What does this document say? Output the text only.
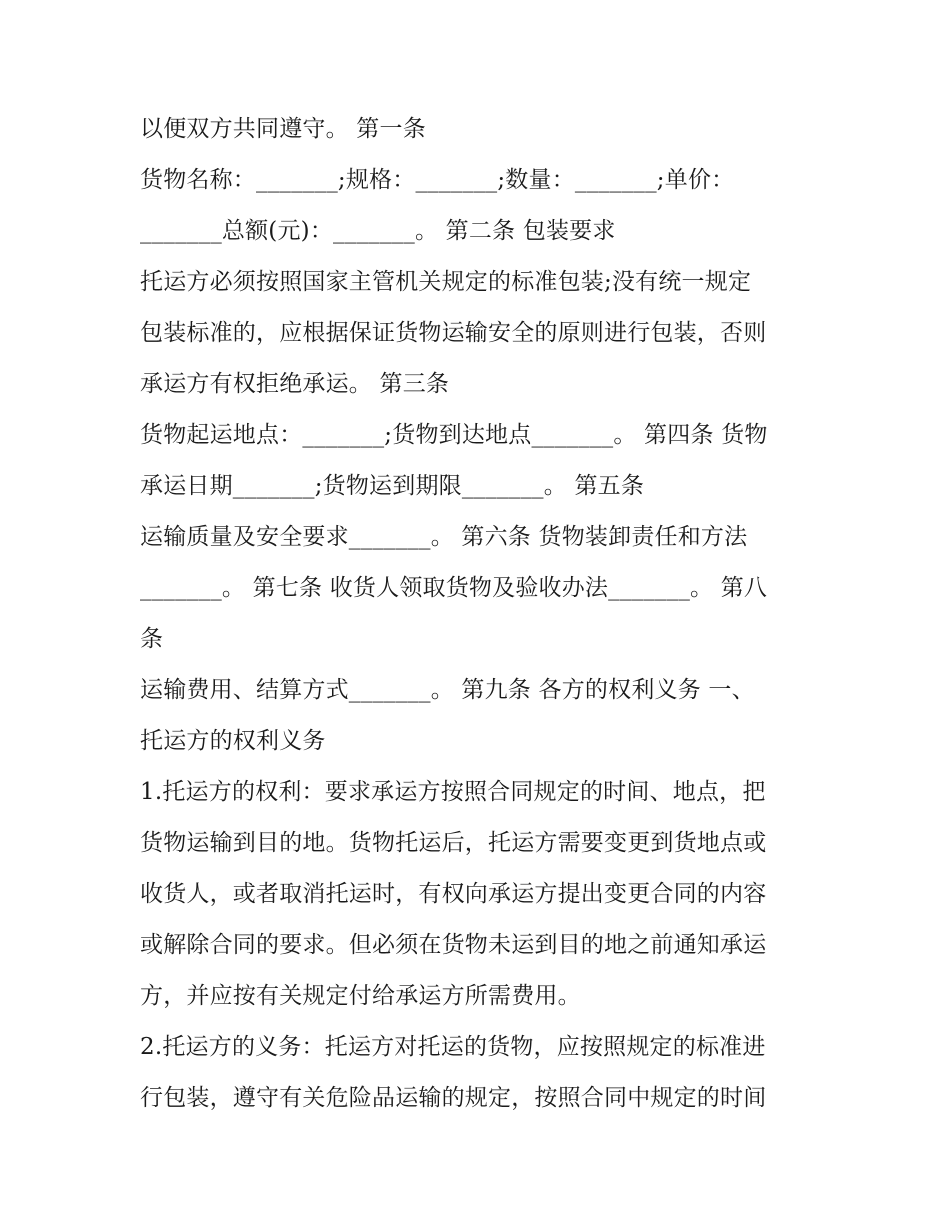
以便双方共同遵守。 第一条
货物名称：_______;规格：_______;数量：_______;单价：
_______总额(元)：_______。 第二条 包装要求
托运方必须按照国家主管机关规定的标准包装;没有统一规定
包装标准的，应根据保证货物运输安全的原则进行包装，否则
承运方有权拒绝承运。 第三条
货物起运地点：_______;货物到达地点_______。 第四条 货物
承运日期_______;货物运到期限_______。 第五条
运输质量及安全要求_______。 第六条 货物装卸责任和方法
_______。 第七条 收货人领取货物及验收办法_______。 第八
条
运输费用、结算方式_______。 第九条 各方的权利义务 一、
托运方的权利义务
1.托运方的权利：要求承运方按照合同规定的时间、地点，把
货物运输到目的地。货物托运后，托运方需要变更到货地点或
收货人，或者取消托运时，有权向承运方提出变更合同的内容
或解除合同的要求。但必须在货物未运到目的地之前通知承运
方，并应按有关规定付给承运方所需费用。
2.托运方的义务：托运方对托运的货物，应按照规定的标准进
行包装，遵守有关危险品运输的规定，按照合同中规定的时间
